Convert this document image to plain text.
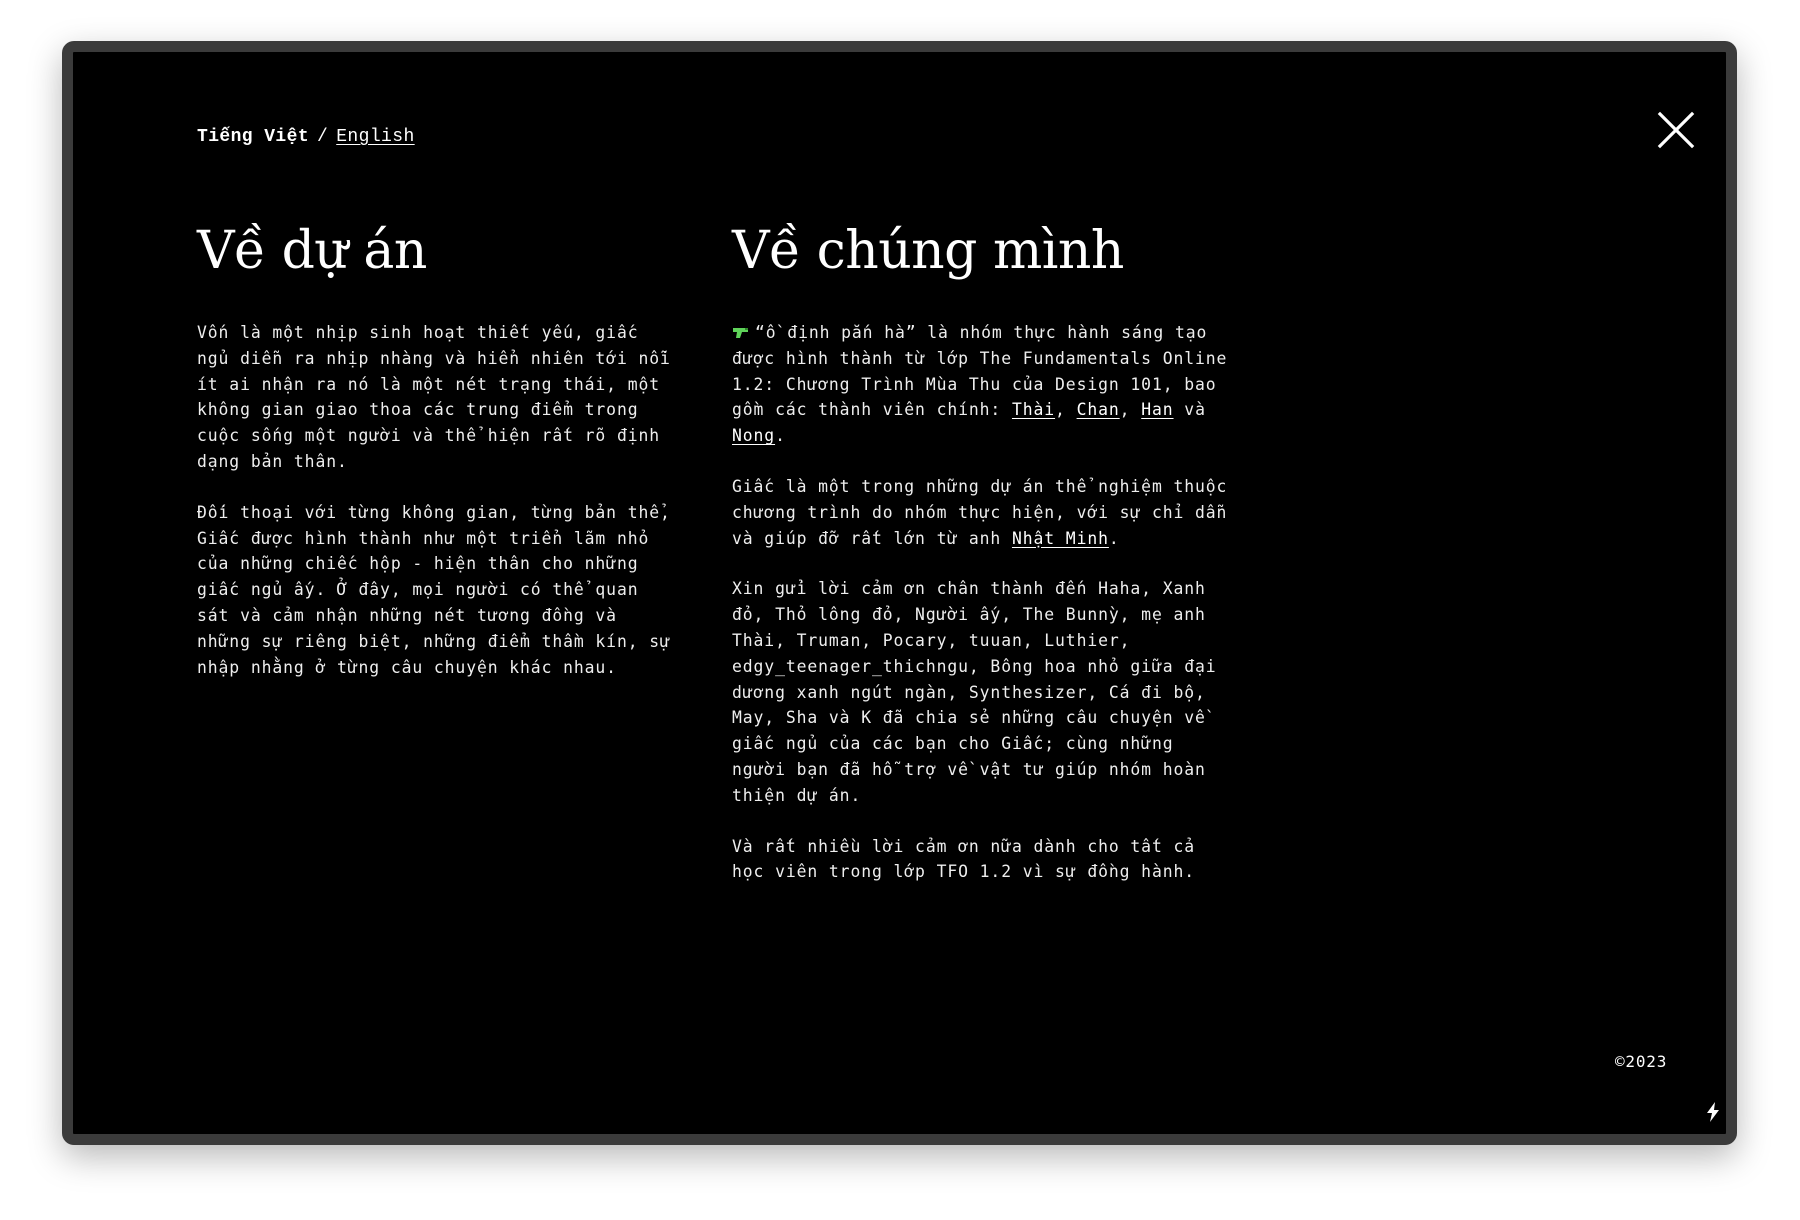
Tiếng Việt / English
Về dự án

Vốn là một nhịp sinh hoạt thiết yếu, giấc ngủ diễn ra nhịp nhàng và hiển nhiên tới nỗi ít ai nhận ra nó là một nét trạng thái, một không gian giao thoa các trung điểm trong cuộc sống một người và thể hiện rất rõ định dạng bản thân.

Đối thoại với từng không gian, từng bản thể, Giấc được hình thành như một triển lãm nhỏ của những chiếc hộp - hiện thân cho những giấc ngủ ấy. Ở đây, mọi người có thể quan sát và cảm nhận những nét tương đồng và những sự riêng biệt, những điểm thầm kín, sự nhập nhằng ở từng câu chuyện khác nhau.

Về chúng mình

“ồ định pắn hà” là nhóm thực hành sáng tạo được hình thành từ lớp The Fundamentals Online 1.2: Chương Trình Mùa Thu của Design 101, bao gồm các thành viên chính: Thài, Chan, Han và Nong.

Giấc là một trong những dự án thể nghiệm thuộc chương trình do nhóm thực hiện, với sự chỉ dẫn và giúp đỡ rất lớn từ anh Nhật Minh.

Xin gửi lời cảm ơn chân thành đến Haha, Xanh đỏ, Thỏ lông đỏ, Người ấy, The Bunnỳ, mẹ anh Thài, Truman, Pocary, tuuan, Luthier, edgy_teenager_thichngu, Bông hoa nhỏ giữa đại dương xanh ngút ngàn, Synthesizer, Cá đi bộ, May, Sha và K đã chia sẻ những câu chuyện về giấc ngủ của các bạn cho Giấc; cùng những người bạn đã hỗ trợ về vật tư giúp nhóm hoàn thiện dự án.

Và rất nhiều lời cảm ơn nữa dành cho tất cả học viên trong lớp TFO 1.2 vì sự đồng hành.

©2023
